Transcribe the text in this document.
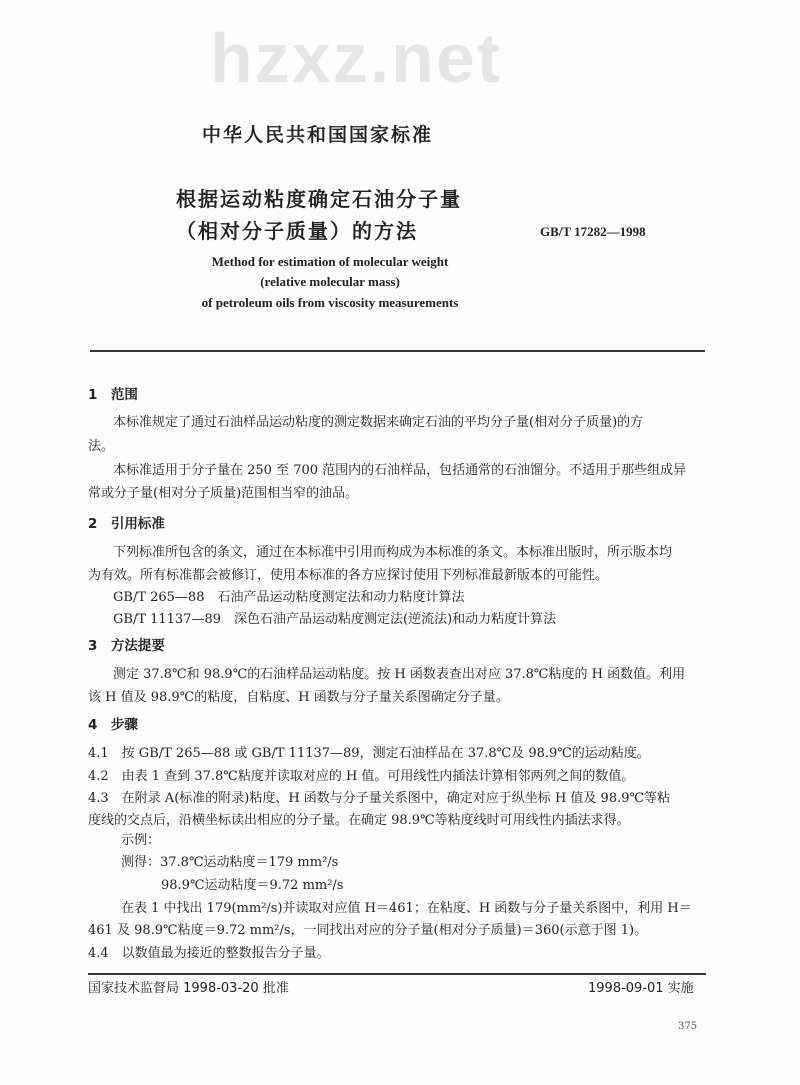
hzxz.net
中华人民共和国国家标准
根据运动粘度确定石油分子量
（相对分子质量）的方法	GB/T 17282—1998
Method for estimation of molecular weight
(relative molecular mass)
of petroleum oils from viscosity measurements
1　范围
本标准规定了通过石油样品运动粘度的测定数据来确定石油的平均分子量(相对分子质量)的方
法。
本标准适用于分子量在 250 至 700 范围内的石油样品，包括通常的石油馏分。不适用于那些组成异
常或分子量(相对分子质量)范围相当窄的油品。
2　引用标准
下列标准所包含的条文，通过在本标准中引用而构成为本标准的条文。本标准出版时，所示版本均
为有效。所有标准都会被修订，使用本标准的各方应探讨使用下列标准最新版本的可能性。
GB/T 265—88　石油产品运动粘度测定法和动力粘度计算法
GB/T 11137—89　深色石油产品运动粘度测定法(逆流法)和动力粘度计算法
3　方法提要
测定 37.8℃和 98.9℃的石油样品运动粘度。按 H 函数表查出对应 37.8℃粘度的 H 函数值。利用
该 H 值及 98.9℃的粘度，自粘度、H 函数与分子量关系图确定分子量。
4　步骤
4.1　按 GB/T 265—88 或 GB/T 11137—89，测定石油样品在 37.8℃及 98.9℃的运动粘度。
4.2　由表 1 查到 37.8℃粘度并读取对应的 H 值。可用线性内插法计算相邻两列之间的数值。
4.3　在附录 A(标准的附录)粘度、H 函数与分子量关系图中，确定对应于纵坐标 H 值及 98.9℃等粘
度线的交点后，沿横坐标读出相应的分子量。在确定 98.9℃等粘度线时可用线性内插法求得。
示例：
测得：37.8℃运动粘度＝179 mm²/s
98.9℃运动粘度＝9.72 mm²/s
在表 1 中找出 179(mm²/s)并读取对应值 H＝461；在粘度、H 函数与分子量关系图中，利用 H＝
461 及 98.9℃粘度＝9.72 mm²/s，一同找出对应的分子量(相对分子质量)＝360(示意于图 1)。
4.4　以数值最为接近的整数报告分子量。
国家技术监督局 1998-03-20 批准	1998-09-01 实施
375
